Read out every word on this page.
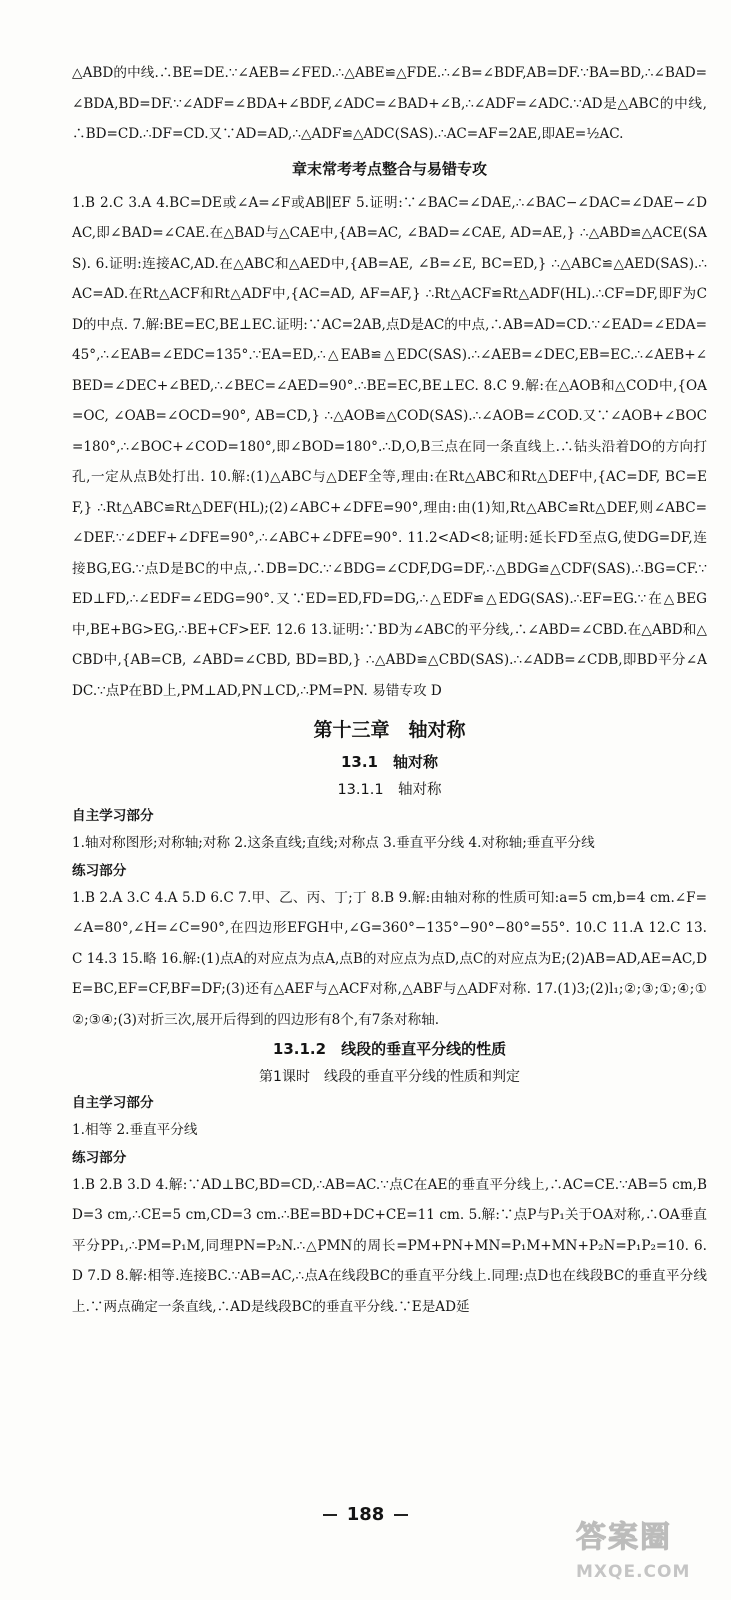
△ABD的中线.∴BE=DE.∵∠AEB=∠FED.∴△ABE≌△FDE.∴∠B=∠BDF,AB=DF.∵BA=BD,∴∠BAD=∠BDA,BD=DF.∵∠ADF=∠BDA+∠BDF,∠ADC=∠BAD+∠B,∴∠ADF=∠ADC.∵AD是△ABC的中线,∴BD=CD.∴DF=CD.又∵AD=AD,∴△ADF≌△ADC(SAS).∴AC=AF=2AE,即AE=½AC.

章末常考考点整合与易错专攻

1.B 2.C 3.A 4.BC=DE或∠A=∠F或AB∥EF 5.证明:∵∠BAC=∠DAE,∴∠BAC−∠DAC=∠DAE−∠DAC,即∠BAD=∠CAE.在△BAD与△CAE中,{AB=AC, ∠BAD=∠CAE, AD=AE,} ∴△ABD≌△ACE(SAS). 6.证明:连接AC,AD.在△ABC和△AED中,{AB=AE, ∠B=∠E, BC=ED,} ∴△ABC≌△AED(SAS).∴AC=AD.在Rt△ACF和Rt△ADF中,{AC=AD, AF=AF,} ∴Rt△ACF≌Rt△ADF(HL).∴CF=DF,即F为CD的中点. 7.解:BE=EC,BE⊥EC.证明:∵AC=2AB,点D是AC的中点,∴AB=AD=CD.∵∠EAD=∠EDA=45°,∴∠EAB=∠EDC=135°.∵EA=ED,∴△EAB≌△EDC(SAS).∴∠AEB=∠DEC,EB=EC.∴∠AEB+∠BED=∠DEC+∠BED,∴∠BEC=∠AED=90°.∴BE=EC,BE⊥EC. 8.C 9.解:在△AOB和△COD中,{OA=OC, ∠OAB=∠OCD=90°, AB=CD,} ∴△AOB≌△COD(SAS).∴∠AOB=∠COD.又∵∠AOB+∠BOC=180°,∴∠BOC+∠COD=180°,即∠BOD=180°.∴D,O,B三点在同一条直线上.∴钻头沿着DO的方向打孔,一定从点B处打出. 10.解:(1)△ABC与△DEF全等,理由:在Rt△ABC和Rt△DEF中,{AC=DF, BC=EF,} ∴Rt△ABC≌Rt△DEF(HL);(2)∠ABC+∠DFE=90°,理由:由(1)知,Rt△ABC≌Rt△DEF,则∠ABC=∠DEF.∵∠DEF+∠DFE=90°,∴∠ABC+∠DFE=90°. 11.2<AD<8;证明:延长FD至点G,使DG=DF,连接BG,EG.∵点D是BC的中点,∴DB=DC.∵∠BDG=∠CDF,DG=DF,∴△BDG≌△CDF(SAS).∴BG=CF.∵ED⊥FD,∴∠EDF=∠EDG=90°.又∵ED=ED,FD=DG,∴△EDF≌△EDG(SAS).∴EF=EG.∵在△BEG中,BE+BG>EG,∴BE+CF>EF. 12.6 13.证明:∵BD为∠ABC的平分线,∴∠ABD=∠CBD.在△ABD和△CBD中,{AB=CB, ∠ABD=∠CBD, BD=BD,} ∴△ABD≌△CBD(SAS).∴∠ADB=∠CDB,即BD平分∠ADC.∵点P在BD上,PM⊥AD,PN⊥CD,∴PM=PN. 易错专攻 D

第十三章　轴对称
13.1　轴对称
13.1.1　轴对称
自主学习部分

1.轴对称图形;对称轴;对称 2.这条直线;直线;对称点 3.垂直平分线 4.对称轴;垂直平分线

练习部分

1.B 2.A 3.C 4.A 5.D 6.C 7.甲、乙、丙、丁;丁 8.B 9.解:由轴对称的性质可知:a=5 cm,b=4 cm.∠F=∠A=80°,∠H=∠C=90°,在四边形EFGH中,∠G=360°−135°−90°−80°=55°. 10.C 11.A 12.C 13.C 14.3 15.略 16.解:(1)点A的对应点为点A,点B的对应点为点D,点C的对应点为E;(2)AB=AD,AE=AC,DE=BC,EF=CF,BF=DF;(3)还有△AEF与△ACF对称,△ABF与△ADF对称. 17.(1)3;(2)l₁;②;③;①;④;①②;③④;(3)对折三次,展开后得到的四边形有8个,有7条对称轴.

13.1.2　线段的垂直平分线的性质
第1课时　线段的垂直平分线的性质和判定
自主学习部分

1.相等 2.垂直平分线

练习部分

1.B 2.B 3.D 4.解:∵AD⊥BC,BD=CD,∴AB=AC.∵点C在AE的垂直平分线上,∴AC=CE.∵AB=5 cm,BD=3 cm,∴CE=5 cm,CD=3 cm.∴BE=BD+DC+CE=11 cm. 5.解:∵点P与P₁关于OA对称,∴OA垂直平分PP₁,∴PM=P₁M,同理PN=P₂N.∴△PMN的周长=PM+PN+MN=P₁M+MN+P₂N=P₁P₂=10. 6.D 7.D 8.解:相等.连接BC.∵AB=AC,∴点A在线段BC的垂直平分线上.同理:点D也在线段BC的垂直平分线上.∵两点确定一条直线,∴AD是线段BC的垂直平分线.∵E是AD延

188
答案圈
MXQE.COM
